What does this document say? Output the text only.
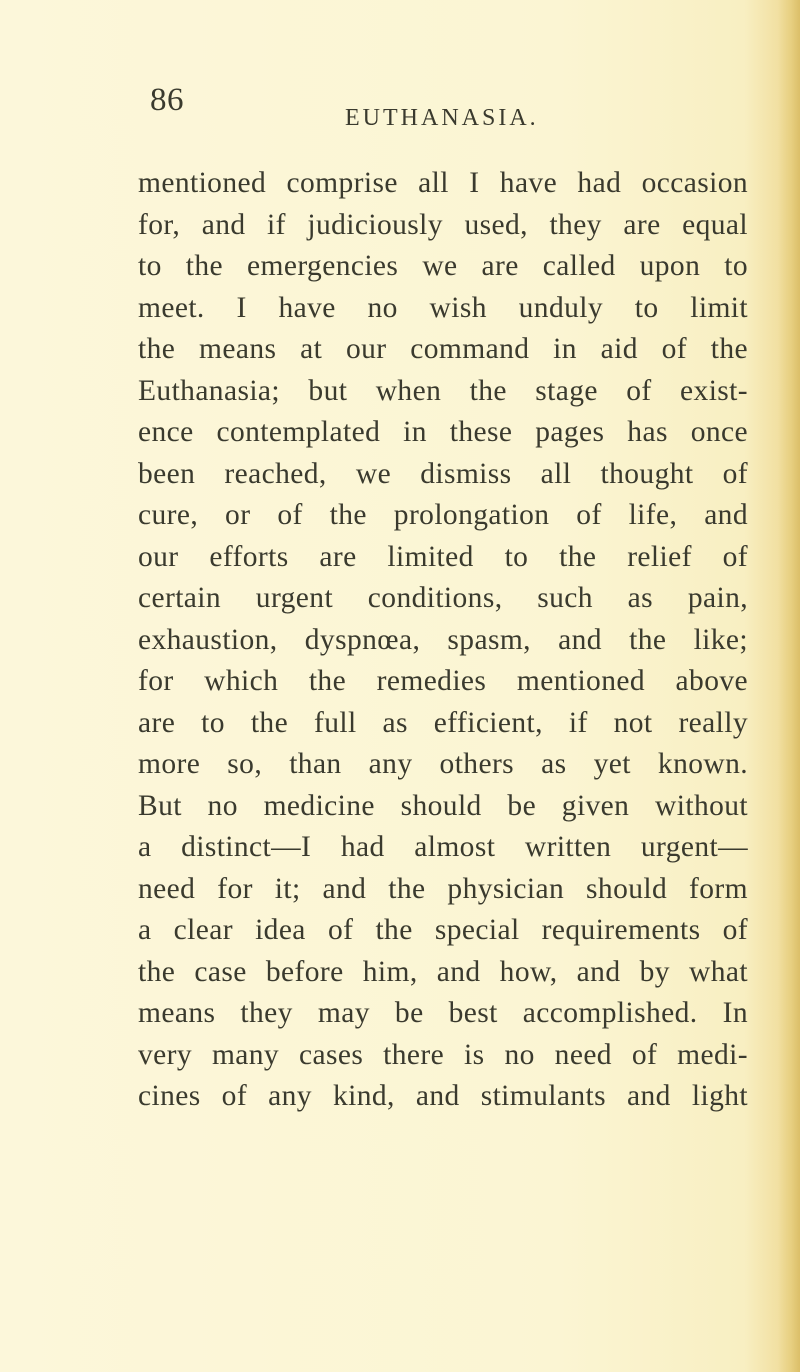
86	EUTHANASIA.
mentioned comprise all I have had occasion
for, and if judiciously used, they are equal
to the emergencies we are called upon to
meet. I have no wish unduly to limit
the means at our command in aid of the
Euthanasia; but when the stage of exist-
ence contemplated in these pages has once
been reached, we dismiss all thought of
cure, or of the prolongation of life, and
our efforts are limited to the relief of
certain urgent conditions, such as pain,
exhaustion, dyspnœa, spasm, and the like;
for which the remedies mentioned above
are to the full as efficient, if not really
more so, than any others as yet known.
But no medicine should be given without
a distinct—I had almost written urgent—
need for it; and the physician should form
a clear idea of the special requirements of
the case before him, and how, and by what
means they may be best accomplished. In
very many cases there is no need of medi-
cines of any kind, and stimulants and light
